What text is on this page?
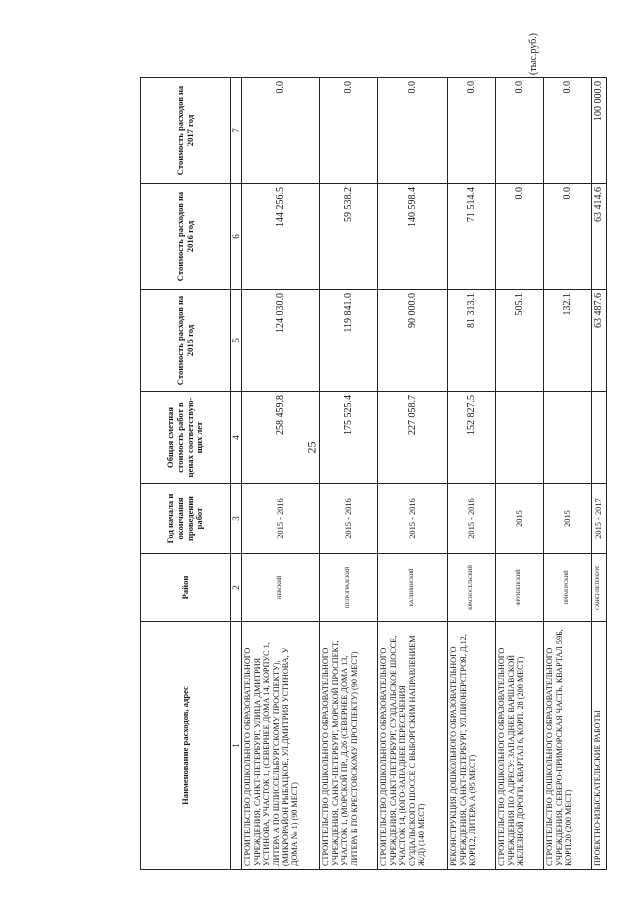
25
(тыс.руб.)
Наименование расходов, адрес	Район	Год начала и окончания проведения работ	Общая сметная стоимость работ в ценах соответствую-щих лет	Стоимость расходов на 2015 год	Стоимость расходов на 2016 год	Стоимость расходов на 2017 год
1	2	3	4	5	6	7
СТРОИТЕЛЬСТВО ДОШКОЛЬНОГО ОБРАЗОВАТЕЛЬНОГО УЧРЕЖДЕНИЯ, САНКТ-ПЕТЕРБУРГ, УЛИЦА ДМИТРИЯ УСТИНОВА, УЧАСТОК 1, (СЕВЕРНЕЕ ДОМА 14, КОРПУС 1, ЛИТЕРА А ПО ШЛИССЕЛЬБУРГСКОМУ ПРОСПЕКТУ), (МИКРОРАЙОН РЫБАЦКОЕ, УЛ.ДМИТРИЯ УСТИНОВА, У ДОМА № 1) (90 МЕСТ)	НЕВСКИЙ	2015 - 2016	258 459.8	124 030.0	144 256.5	0.0
СТРОИТЕЛЬСТВО ДОШКОЛЬНОГО ОБРАЗОВАТЕЛЬНОГО УЧРЕЖДЕНИЯ, САНКТ-ПЕТЕРБУРГ, МОРСКОЙ ПРОСПЕКТ, УЧАСТОК 1, (МОРСКОЙ ПР., Д.26 (СЕВЕРНЕЕ ДОМА 13, ЛИТЕРА Б ПО КРЕСТОВСКОМУ ПРОСПЕКТУ) (90 МЕСТ)	ПЕТРОГРАДСКИЙ	2015 - 2016	175 525.4	119 841.0	59 538.2	0.0
СТРОИТЕЛЬСТВО ДОШКОЛЬНОГО ОБРАЗОВАТЕЛЬНОГО УЧРЕЖДЕНИЯ, САНКТ-ПЕТЕРБУРГ, СУЗДАЛЬСКОЕ ШОССЕ, УЧАСТОК 14, (ЮГО-ЗАПАДНЕЕ ПЕРЕСЕЧЕНИЯ СУЗДАЛЬСКОГО ШОССЕ С ВЫБОРГСКИМ НАПРАВЛЕНИЕМ Ж/Д) (140 МЕСТ)	КАЛИНИНСКИЙ	2015 - 2016	227 058.7	90 000.0	140 598.4	0.0
РЕКОНСТРУКЦИЯ ДОШКОЛЬНОГО ОБРАЗОВАТЕЛЬНОГО УЧРЕЖДЕНИЯ, САНКТ-ПЕТЕРБУРГ, УЛ.ПИОНЕРСТРОЯ, Д.12, КОРП.2, ЛИТЕРА А (95 МЕСТ)	КРАСНОСЕЛЬСКИЙ	2015 - 2016	152 827.5	81 313.1	71 514.4	0.0
СТРОИТЕЛЬСТВО ДОШКОЛЬНОГО ОБРАЗОВАТЕЛЬНОГО УЧРЕЖДЕНИЯ ПО АДРЕСУ: ЗАПАДНЕЕ ВАРШАВСКОЙ ЖЕЛЕЗНОЙ ДОРОГИ, КВАРТАЛ 6, КОРП. 28 (200 МЕСТ)	ФРУНЗЕНСКИЙ	2015		505.1	0.0	0.0
СТРОИТЕЛЬСТВО ДОШКОЛЬНОГО ОБРАЗОВАТЕЛЬНОГО УЧРЕЖДЕНИЯ, СЕВЕРО-ПРИМОРСКАЯ ЧАСТЬ, КВАРТАЛ 59Б, КОРП.20 (200 МЕСТ)	ПРИМОРСКИЙ	2015		132.1	0.0	0.0
ПРОЕКТНО-ИЗЫСКАТЕЛЬСКИЕ РАБОТЫ	САНКТ-ПЕТЕРБУРГ	2015 - 2017		63 487.6	63 414.6	100 000.0
